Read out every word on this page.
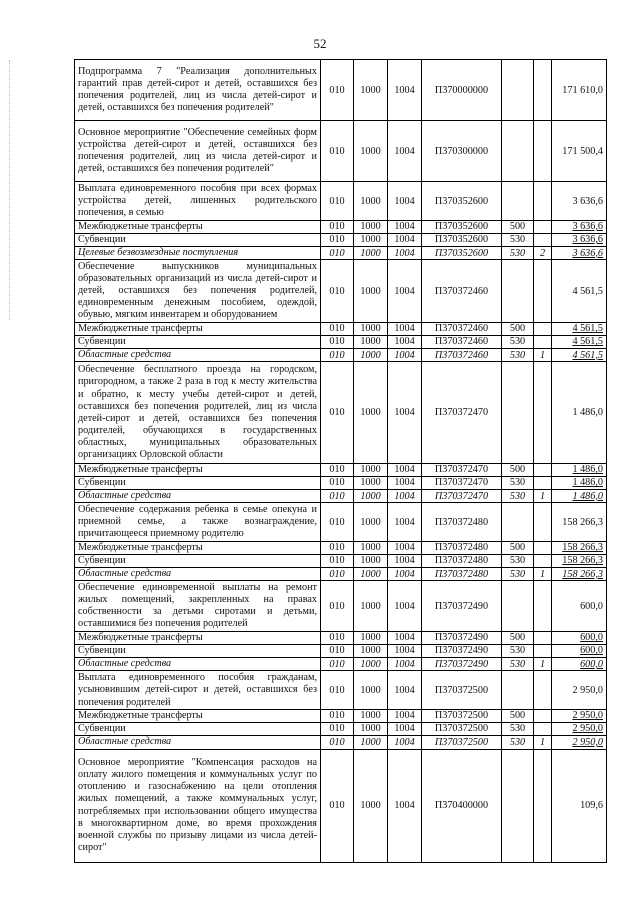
52
Подпрограмма 7 "Реализация дополнительных гарантий прав детей-сирот и детей, оставшихся без попечения родителей, лиц из числа детей-сирот и детей, оставшихся без попечения родителей"	010	1000	1004	П370000000			171 610,0
Основное мероприятие "Обеспечение семейных форм устройства детей-сирот и детей, оставшихся без попечения родителей, лиц из числа детей-сирот и детей, оставшихся без попечения родителей"	010	1000	1004	П370300000			171 500,4
Выплата единовременного пособия при всех формах устройства детей, лишенных родительского попечения, в семью	010	1000	1004	П370352600			3 636,6
Межбюджетные трансферты	010	1000	1004	П370352600	500		3 636,6
Субвенции	010	1000	1004	П370352600	530		3 636,6
Целевые безвозмездные поступления	010	1000	1004	П370352600	530	2	3 636,6
Обеспечение выпускников муниципальных образовательных организаций из числа детей-сирот и детей, оставшихся без попечения родителей, единовременным денежным пособием, одеждой, обувью, мягким инвентарем и оборудованием	010	1000	1004	П370372460			4 561,5
Межбюджетные трансферты	010	1000	1004	П370372460	500		4 561,5
Субвенции	010	1000	1004	П370372460	530		4 561,5
Областные средства	010	1000	1004	П370372460	530	1	4 561,5
Обеспечение бесплатного проезда на городском, пригородном, а также 2 раза в год к месту жительства и обратно, к месту учебы детей-сирот и детей, оставшихся без попечения родителей, лиц из числа детей-сирот и детей, оставшихся без попечения родителей, обучающихся в государственных областных, муниципальных образовательных организациях Орловской области	010	1000	1004	П370372470			1 486,0
Межбюджетные трансферты	010	1000	1004	П370372470	500		1 486,0
Субвенции	010	1000	1004	П370372470	530		1 486,0
Областные средства	010	1000	1004	П370372470	530	1	1 486,0
Обеспечение содержания ребенка в семье опекуна и приемной семье, а также вознаграждение, причитающееся приемному родителю	010	1000	1004	П370372480			158 266,3
Межбюджетные трансферты	010	1000	1004	П370372480	500		158 266,3
Субвенции	010	1000	1004	П370372480	530		158 266,3
Областные средства	010	1000	1004	П370372480	530	1	158 266,3
Обеспечение единовременной выплаты на ремонт жилых помещений, закрепленных на правах собственности за детьми сиротами и детьми, оставшимися без попечения родителей	010	1000	1004	П370372490			600,0
Межбюджетные трансферты	010	1000	1004	П370372490	500		600,0
Субвенции	010	1000	1004	П370372490	530		600,0
Областные средства	010	1000	1004	П370372490	530	1	600,0
Выплата единовременного пособия гражданам, усыновившим детей-сирот и детей, оставшихся без попечения родителей	010	1000	1004	П370372500			2 950,0
Межбюджетные трансферты	010	1000	1004	П370372500	500		2 950,0
Субвенции	010	1000	1004	П370372500	530		2 950,0
Областные средства	010	1000	1004	П370372500	530	1	2 950,0
Основное мероприятие "Компенсация расходов на оплату жилого помещения и коммунальных услуг по отоплению и газоснабжению на цели отопления жилых помещений, а также коммунальных услуг, потребляемых при использовании общего имущества в многоквартирном доме, во время прохождения военной службы по призыву лицами из числа детей-сирот"	010	1000	1004	П370400000			109,6
